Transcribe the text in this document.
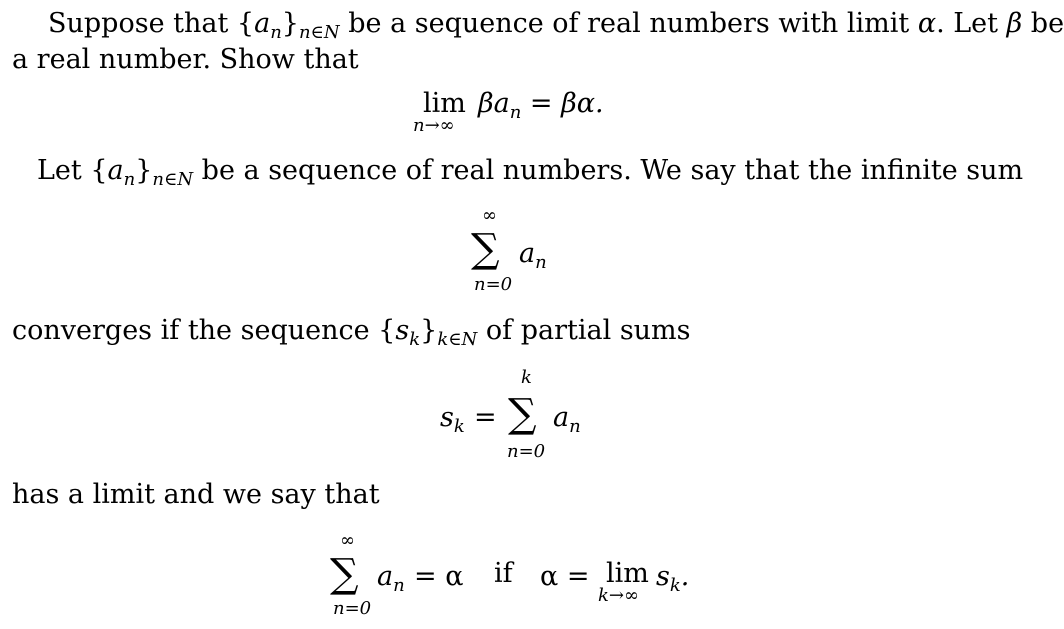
Suppose that $\{a_n\}_{n\in N}$ be a sequence of real numbers with limit α. Let β be
a real number. Show that
lim
n→∞
$\beta a_n = \beta\alpha$.
Let $\{a_n\}_{n\in N}$ be a sequence of real numbers. We say that the infinite sum
∞
∑ $a_n$
n=0
converges if the sequence $\{s_k\}_{k\in N}$ of partial sums
$s_k$ =
k
∑ $a_n$
n=0
has a limit and we say that
∞
∑ $a_n = \alpha$ if α = lim
k→∞
$s_k$.
n=0
